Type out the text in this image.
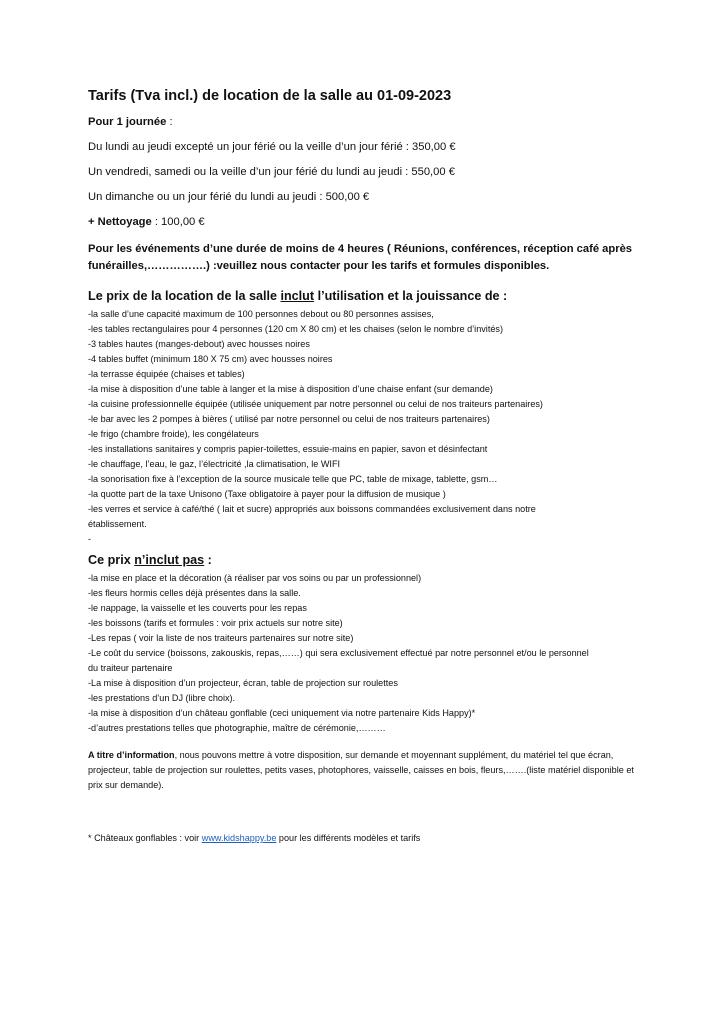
Tarifs (Tva incl.) de location de la salle au 01-09-2023
Pour 1 journée :
Du lundi au jeudi excepté un jour férié ou la veille d’un jour férié : 350,00 €
Un vendredi, samedi ou la veille d’un jour férié du lundi au jeudi : 550,00 €
Un dimanche ou un jour férié du lundi au jeudi : 500,00 €
+ Nettoyage : 100,00 €
Pour les événements d’une durée de moins de 4 heures ( Réunions, conférences, réception café après funérailles,…………….) :veuillez nous contacter pour les tarifs et formules disponibles.
Le prix de la location de la salle inclut l’utilisation et la jouissance de :
-la salle d’une capacité maximum de 100 personnes debout ou 80 personnes assises,
-les tables rectangulaires pour 4 personnes (120 cm X 80 cm) et les chaises (selon le nombre d’invités)
-3 tables hautes (manges-debout) avec housses noires
-4 tables buffet (minimum 180 X 75 cm) avec housses noires
-la terrasse équipée (chaises et tables)
-la mise à disposition d’une table à langer et la mise à disposition d’une chaise enfant (sur demande)
-la cuisine professionnelle équipée (utilisée uniquement par notre personnel ou celui de nos traiteurs partenaires)
-le bar avec les 2 pompes à bières ( utilisé par notre personnel ou celui de nos traiteurs partenaires)
-le frigo (chambre froide), les congélateurs
-les installations sanitaires y compris papier-toilettes, essuie-mains en papier, savon et désinfectant
-le chauffage, l’eau, le gaz, l’électricité ,la climatisation, le WIFI
-la sonorisation fixe à l’exception de la source musicale telle que PC, table de mixage, tablette, gsm…
-la quotte part de la taxe Unisono (Taxe obligatoire à payer pour la diffusion de musique )
-les verres et service à café/thé ( lait et sucre) appropriés aux boissons commandées exclusivement dans notre
établissement.
-
Ce prix n’inclut pas :
-la mise en place et la décoration (à réaliser par vos soins ou par un professionnel)
-les fleurs hormis celles déjà présentes dans la salle.
-le nappage, la vaisselle et les couverts pour les repas
-les boissons (tarifs et formules : voir prix actuels sur notre site)
-Les repas ( voir la liste de nos traiteurs partenaires sur notre site)
-Le coût du service (boissons, zakouskis, repas,……) qui sera exclusivement effectué par notre personnel et/ou le personnel
du traiteur partenaire
-La mise à disposition d’un projecteur, écran, table de projection sur roulettes
-les prestations d’un DJ (libre choix).
-la mise à disposition d’un château gonflable (ceci uniquement via notre partenaire Kids Happy)*
-d’autres prestations telles que photographie, maître de cérémonie,………
A titre d’information, nous pouvons mettre à votre disposition, sur demande et moyennant supplément, du matériel tel que écran, projecteur, table de projection sur roulettes, petits vases, photophores, vaisselle, caisses en bois, fleurs,…….(liste matériel disponible et prix sur demande).
* Châteaux gonflables : voir www.kidshappy.be pour les différents modèles et tarifs
